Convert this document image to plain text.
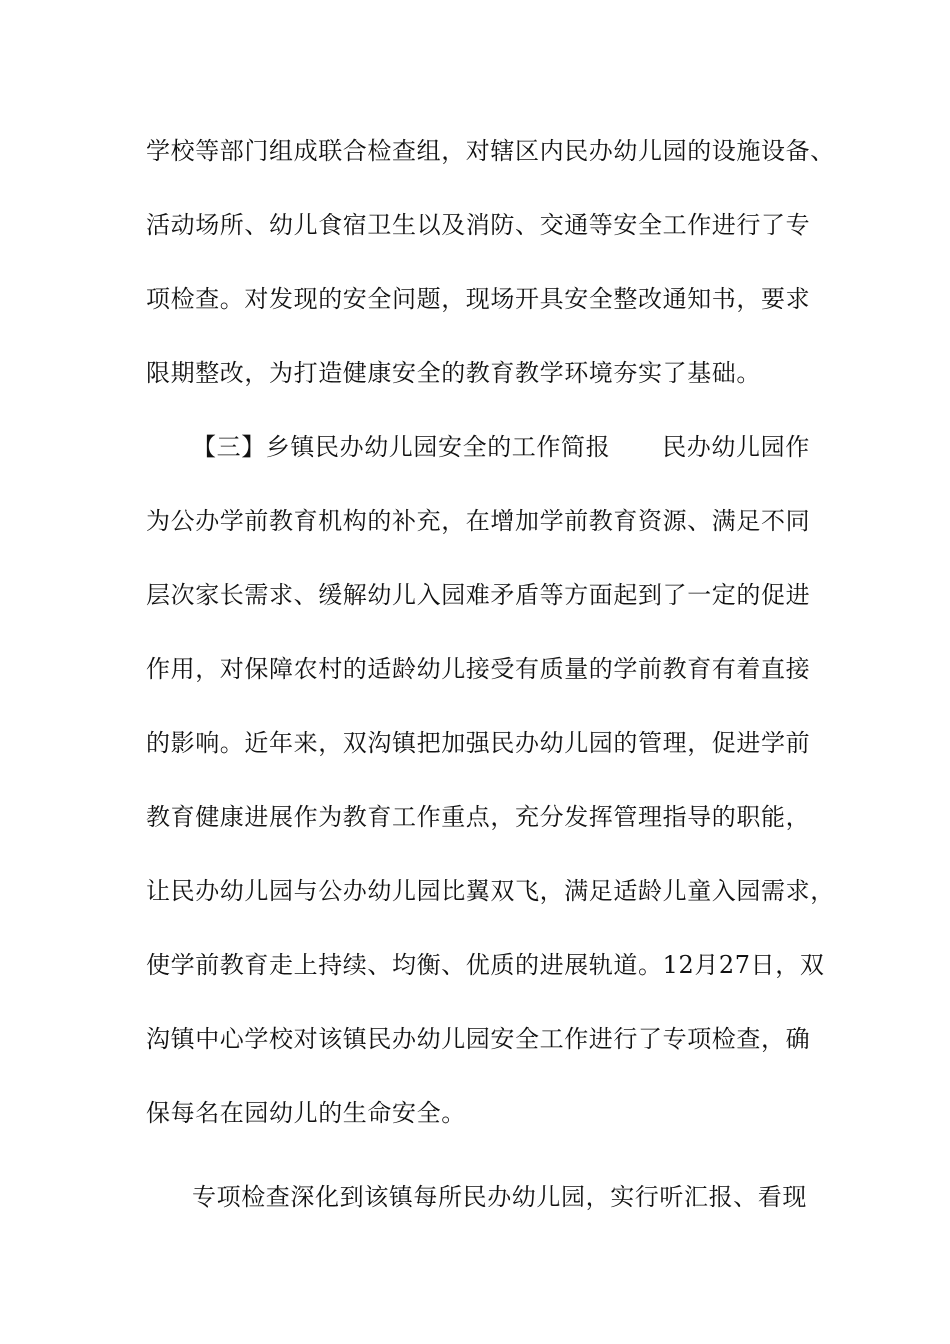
学校等部门组成联合检查组，对辖区内民办幼儿园的设施设备、
活动场所、幼儿食宿卫生以及消防、交通等安全工作进行了专
项检查。对发现的安全问题，现场开具安全整改通知书，要求
限期整改，为打造健康安全的教育教学环境夯实了基础。
【三】乡镇民办幼儿园安全的工作简报 民办幼儿园作
为公办学前教育机构的补充，在增加学前教育资源、满足不同
层次家长需求、缓解幼儿入园难矛盾等方面起到了一定的促进
作用，对保障农村的适龄幼儿接受有质量的学前教育有着直接
的影响。近年来，双沟镇把加强民办幼儿园的管理，促进学前
教育健康进展作为教育工作重点，充分发挥管理指导的职能，
让民办幼儿园与公办幼儿园比翼双飞，满足适龄儿童入园需求，
使学前教育走上持续、均衡、优质的进展轨道。12月27日，双
沟镇中心学校对该镇民办幼儿园安全工作进行了专项检查，确
保每名在园幼儿的生命安全。
专项检查深化到该镇每所民办幼儿园，实行听汇报、看现
